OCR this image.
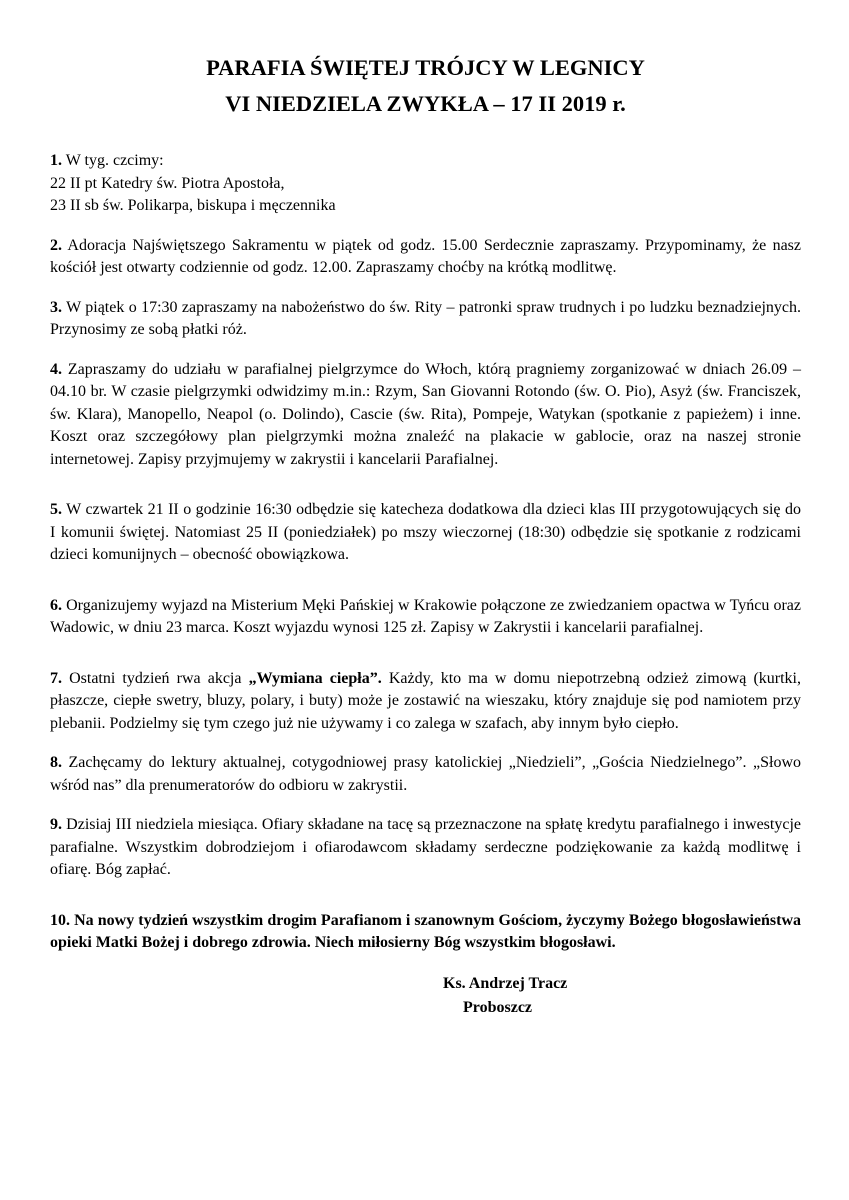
PARAFIA ŚWIĘTEJ TRÓJCY W LEGNICY
VI NIEDZIELA ZWYKŁA – 17 II 2019 r.

1. W tyg. czcimy:

22 II pt Katedry św. Piotra Apostoła,

23 II sb św. Polikarpa, biskupa i męczennika

2. Adoracja Najświętszego Sakramentu w piątek od godz. 15.00 Serdecznie zapraszamy. Przypominamy, że nasz kościół jest otwarty codziennie od godz. 12.00. Zapraszamy choćby na krótką modlitwę.
3. W piątek o 17:30 zapraszamy na nabożeństwo do św. Rity – patronki spraw trudnych i po ludzku beznadziejnych. Przynosimy ze sobą płatki róż.
4. Zapraszamy do udziału w parafialnej pielgrzymce do Włoch, którą pragniemy zorganizować w dniach 26.09 – 04.10 br. W czasie pielgrzymki odwidzimy m.in.: Rzym, San Giovanni Rotondo (św. O. Pio), Asyż (św. Franciszek, św. Klara), Manopello, Neapol (o. Dolindo), Cascie (św. Rita), Pompeje, Watykan (spotkanie z papieżem) i inne. Koszt oraz szczegółowy plan pielgrzymki można znaleźć na plakacie w gablocie, oraz na naszej stronie internetowej. Zapisy przyjmujemy w zakrystii i kancelarii Parafialnej.
5. W czwartek 21 II o godzinie 16:30 odbędzie się katecheza dodatkowa dla dzieci klas III przygotowujących się do I komunii świętej. Natomiast 25 II (poniedziałek) po mszy wieczornej (18:30) odbędzie się spotkanie z rodzicami dzieci komunijnych – obecność obowiązkowa.
6. Organizujemy wyjazd na Misterium Męki Pańskiej w Krakowie połączone ze zwiedzaniem opactwa w Tyńcu oraz Wadowic, w dniu 23 marca. Koszt wyjazdu wynosi 125 zł. Zapisy w Zakrystii i kancelarii parafialnej.
7. Ostatni tydzień rwa akcja „Wymiana ciepła”. Każdy, kto ma w domu niepotrzebną odzież zimową (kurtki, płaszcze, ciepłe swetry, bluzy, polary, i buty) może je zostawić na wieszaku, który znajduje się pod namiotem przy plebanii. Podzielmy się tym czego już nie używamy i co zalega w szafach, aby innym było ciepło.
8. Zachęcamy do lektury aktualnej, cotygodniowej prasy katolickiej „Niedzieli”, „Gościa Niedzielnego”. „Słowo wśród nas” dla prenumeratorów do odbioru w zakrystii.
9. Dzisiaj III niedziela miesiąca. Ofiary składane na tacę są przeznaczone na spłatę kredytu parafialnego i inwestycje parafialne. Wszystkim dobrodziejom i ofiarodawcom składamy serdeczne podziękowanie za każdą modlitwę i ofiarę. Bóg zapłać.
10. Na nowy tydzień wszystkim drogim Parafianom i szanownym Gościom, życzymy Bożego błogosławieństwa opieki Matki Bożej i dobrego zdrowia. Niech miłosierny Bóg wszystkim błogosławi.
Ks. Andrzej Tracz
Proboszcz
